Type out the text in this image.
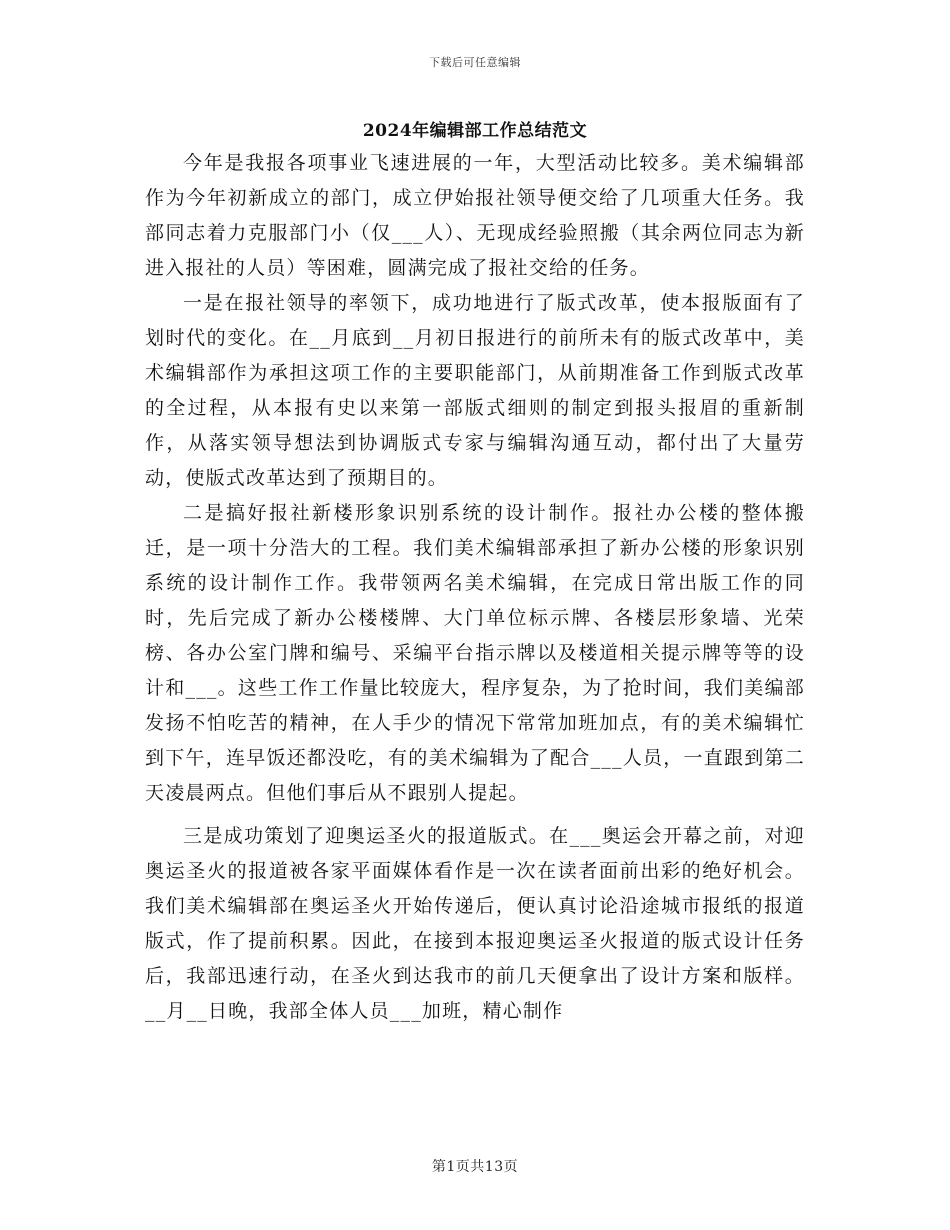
下载后可任意编辑
2024年编辑部工作总结范文

今年是我报各项事业飞速进展的一年，大型活动比较多。美术编辑部作为今年初新成立的部门，成立伊始报社领导便交给了几项重大任务。我部同志着力克服部门小（仅___人）、无现成经验照搬（其余两位同志为新进入报社的人员）等困难，圆满完成了报社交给的任务。

一是在报社领导的率领下，成功地进行了版式改革，使本报版面有了划时代的变化。在__月底到__月初日报进行的前所未有的版式改革中，美术编辑部作为承担这项工作的主要职能部门，从前期准备工作到版式改革的全过程，从本报有史以来第一部版式细则的制定到报头报眉的重新制作，从落实领导想法到协调版式专家与编辑沟通互动，都付出了大量劳动，使版式改革达到了预期目的。

二是搞好报社新楼形象识别系统的设计制作。报社办公楼的整体搬迁，是一项十分浩大的工程。我们美术编辑部承担了新办公楼的形象识别系统的设计制作工作。我带领两名美术编辑，在完成日常出版工作的同时，先后完成了新办公楼楼牌、大门单位标示牌、各楼层形象墙、光荣榜、各办公室门牌和编号、采编平台指示牌以及楼道相关提示牌等等的设计和___。这些工作工作量比较庞大，程序复杂，为了抢时间，我们美编部发扬不怕吃苦的精神，在人手少的情况下常常加班加点，有的美术编辑忙到下午，连早饭还都没吃，有的美术编辑为了配合___人员，一直跟到第二天凌晨两点。但他们事后从不跟别人提起。

三是成功策划了迎奥运圣火的报道版式。在___奥运会开幕之前，对迎奥运圣火的报道被各家平面媒体看作是一次在读者面前出彩的绝好机会。我们美术编辑部在奥运圣火开始传递后，便认真讨论沿途城市报纸的报道版式，作了提前积累。因此，在接到本报迎奥运圣火报道的版式设计任务后，我部迅速行动，在圣火到达我市的前几天便拿出了设计方案和版样。__月__日晚，我部全体人员___加班，精心制作

第1页共13页
